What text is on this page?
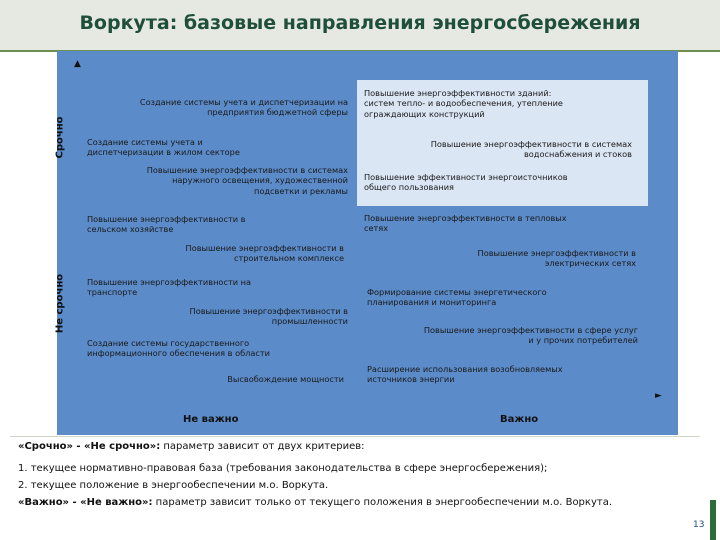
Воркута: базовые направления энергосбережения
▲
►
Срочно
Не срочно
Не важно	Важно
Создание системы учета и диспетчеризации на
предприятия бюджетной сферы
Создание системы учета и
диспетчеризации в жилом секторе
Повышение энергоэффективности в системах
наружного освещения, художественной
подсветки и рекламы
Повышение энергоэффективности в
сельском хозяйстве
Повышение энергоэффективности в
строительном комплексе
Повышение энергоэффективности на
транспорте
Повышение энергоэффективности в
промышленности
Создание системы государственного
информационного обеспечения в области
Высвобождение мощности
Повышение энергоэффективности зданий:
систем тепло- и водообеспечения, утепление
ограждающих конструкций
Повышение энергоэффективности в системах
водоснабжения и стоков
Повышение эффективности энергоисточников
общего пользования
Повышение энергоэффективности в тепловых
сетях
Повышение энергоэффективности в
электрических сетях
Формирование системы энергетического
планирования и мониторинга
Повышение энергоэффективности в сфере услуг
и у прочих потребителей
Расширение использования возобновляемых
источников энергии
«Срочно» - «Не срочно»: параметр зависит от двух критериев:
1. текущее нормативно-правовая база (требования законодательства в сфере энергосбережения);
2. текущее положение в энергообеспечении м.о. Воркута.
«Важно» - «Не важно»: параметр зависит только от текущего положения в энергообеспечении м.о. Воркута.
13
